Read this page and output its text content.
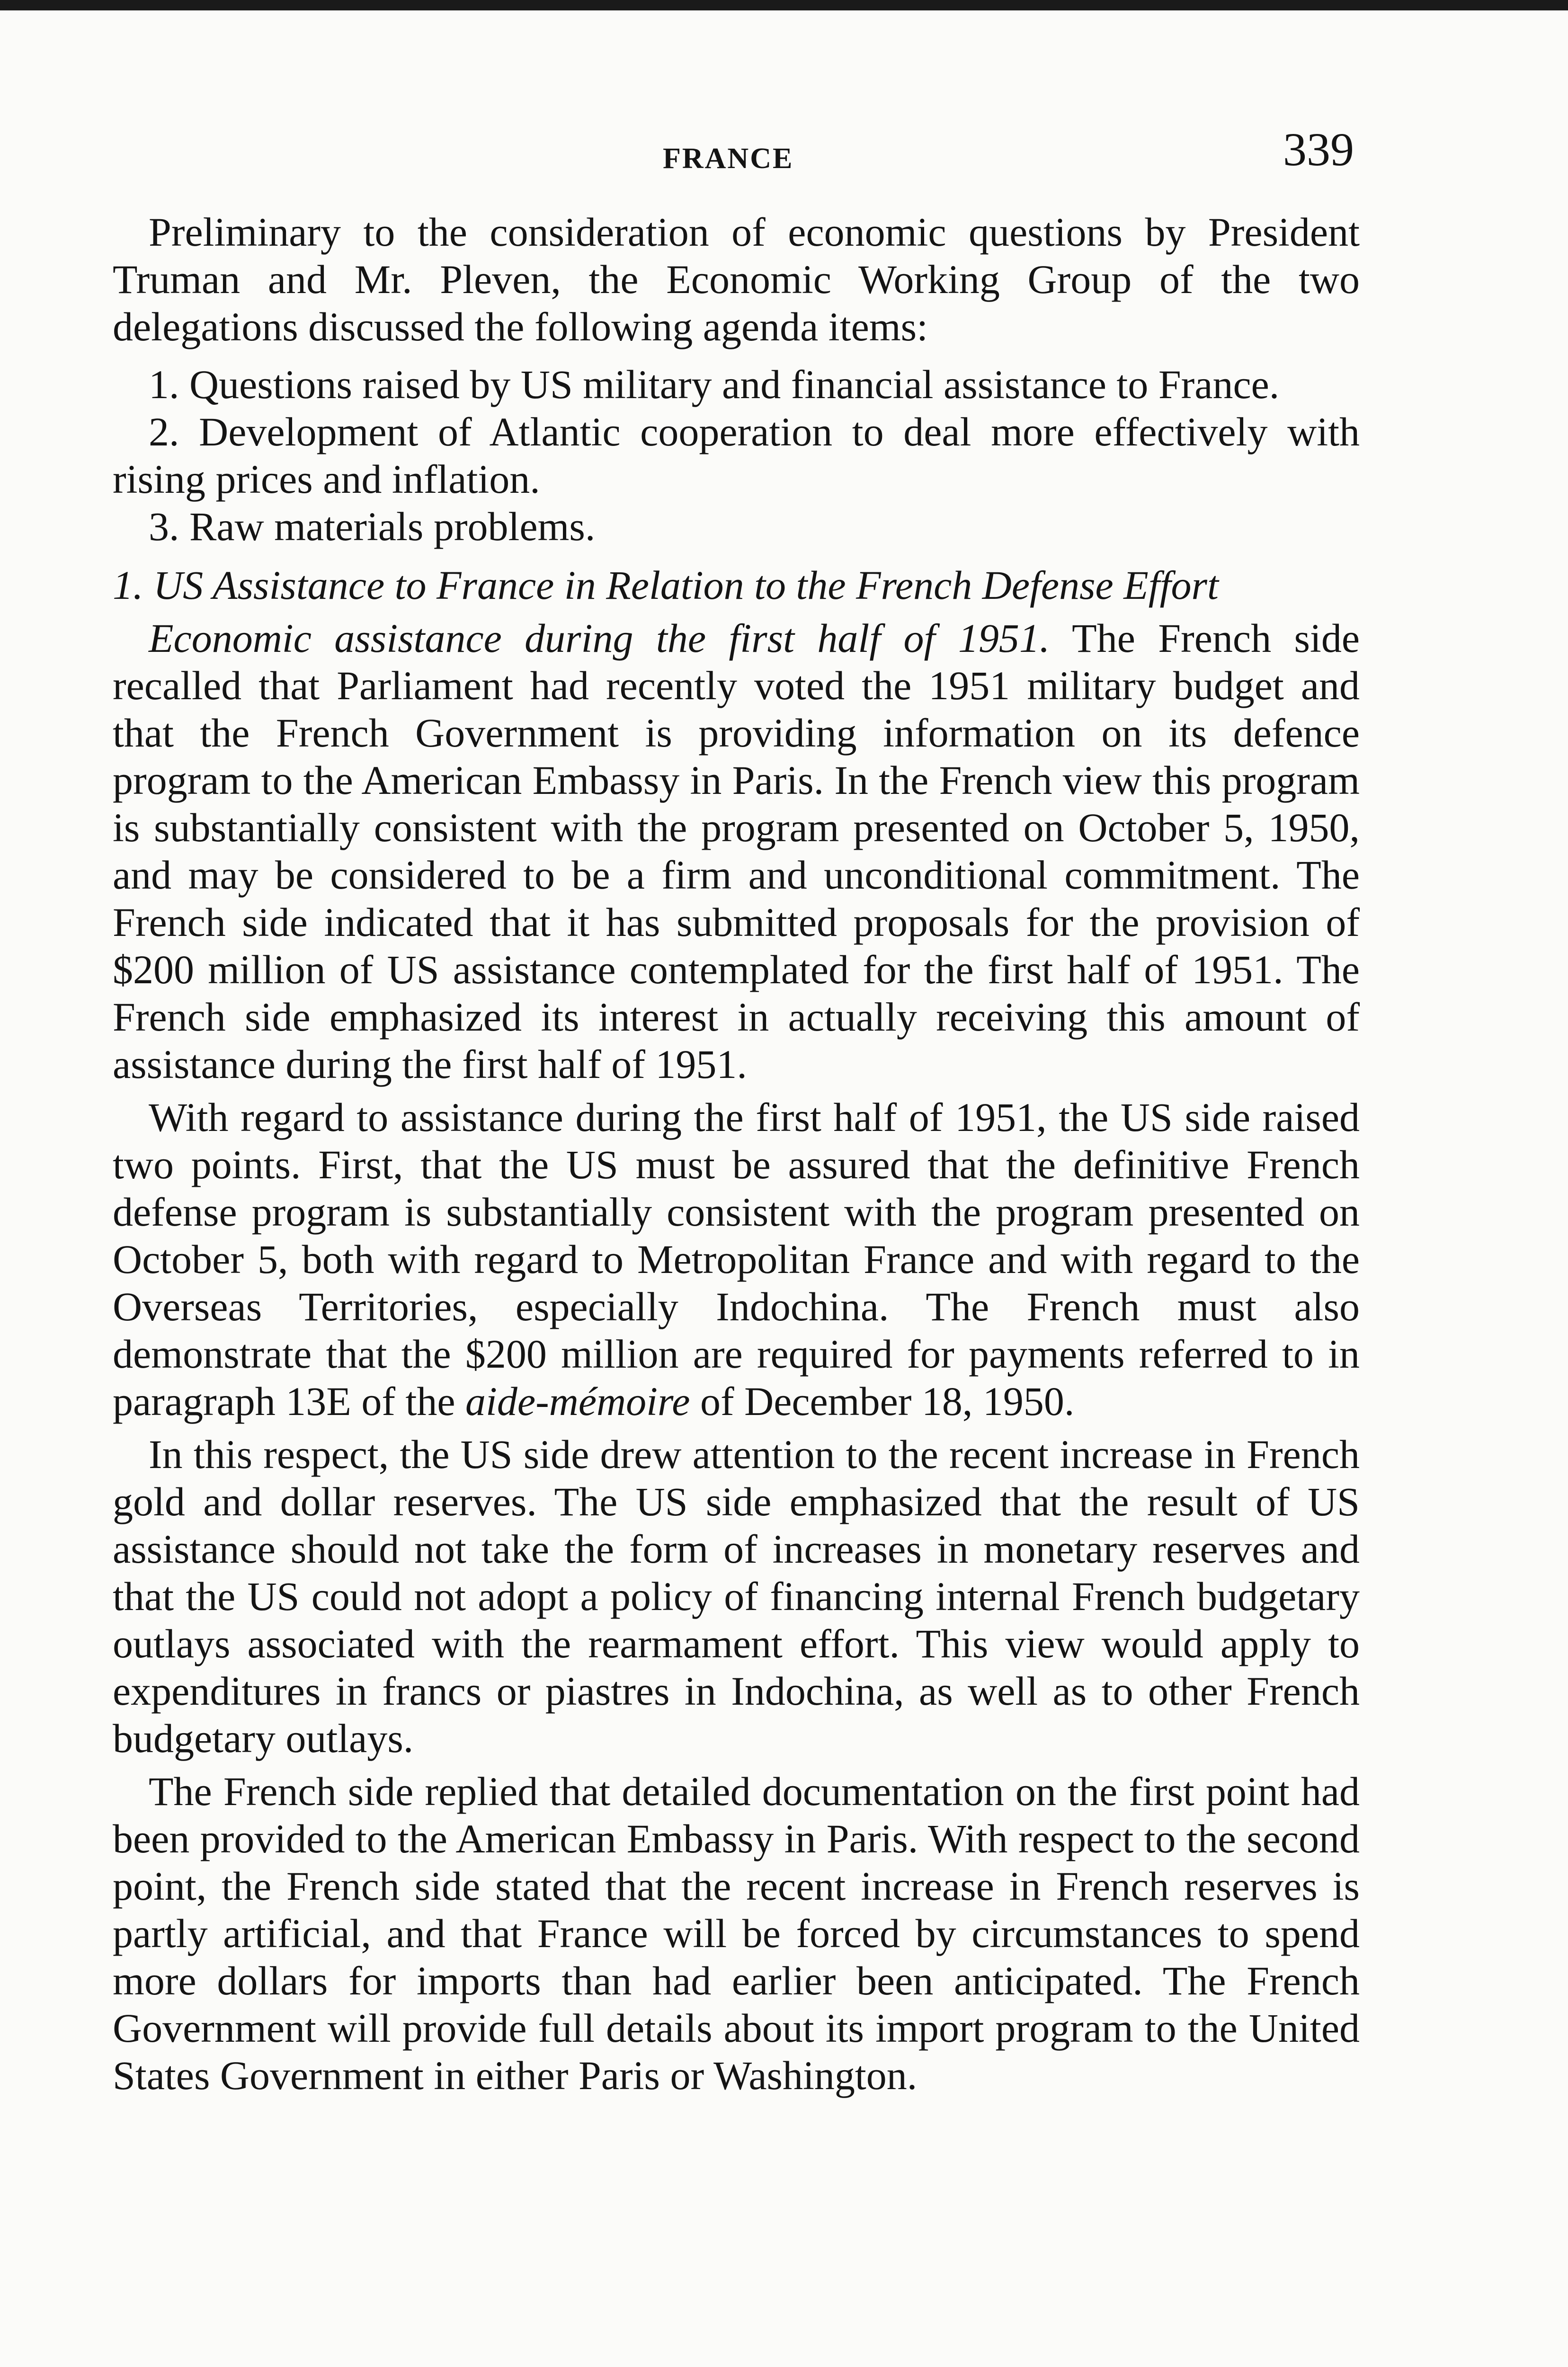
FRANCE	339

Preliminary to the consideration of economic questions by President Truman and Mr. Pleven, the Economic Working Group of the two delegations discussed the following agenda items:

1. Questions raised by US military and financial assistance to France.
2. Development of Atlantic cooperation to deal more effectively with rising prices and inflation.
3. Raw materials problems.
1. US Assistance to France in Relation to the French Defense Effort

Economic assistance during the first half of 1951. The French side recalled that Parliament had recently voted the 1951 military budget and that the French Government is providing information on its defence program to the American Embassy in Paris. In the French view this program is substantially consistent with the program presented on October 5, 1950, and may be considered to be a firm and unconditional commitment. The French side indicated that it has submitted proposals for the provision of $200 million of US assistance contemplated for the first half of 1951. The French side emphasized its interest in actually receiving this amount of assistance during the first half of 1951.

With regard to assistance during the first half of 1951, the US side raised two points. First, that the US must be assured that the definitive French defense program is substantially consistent with the program presented on October 5, both with regard to Metropolitan France and with regard to the Overseas Territories, especially Indochina. The French must also demonstrate that the $200 million are required for payments referred to in paragraph 13E of the aide-mémoire of December 18, 1950.

In this respect, the US side drew attention to the recent increase in French gold and dollar reserves. The US side emphasized that the result of US assistance should not take the form of increases in monetary reserves and that the US could not adopt a policy of financing internal French budgetary outlays associated with the rearmament effort. This view would apply to expenditures in francs or piastres in Indochina, as well as to other French budgetary outlays.

The French side replied that detailed documentation on the first point had been provided to the American Embassy in Paris. With respect to the second point, the French side stated that the recent increase in French reserves is partly artificial, and that France will be forced by circumstances to spend more dollars for imports than had earlier been anticipated. The French Government will provide full details about its import program to the United States Government in either Paris or Washington.
